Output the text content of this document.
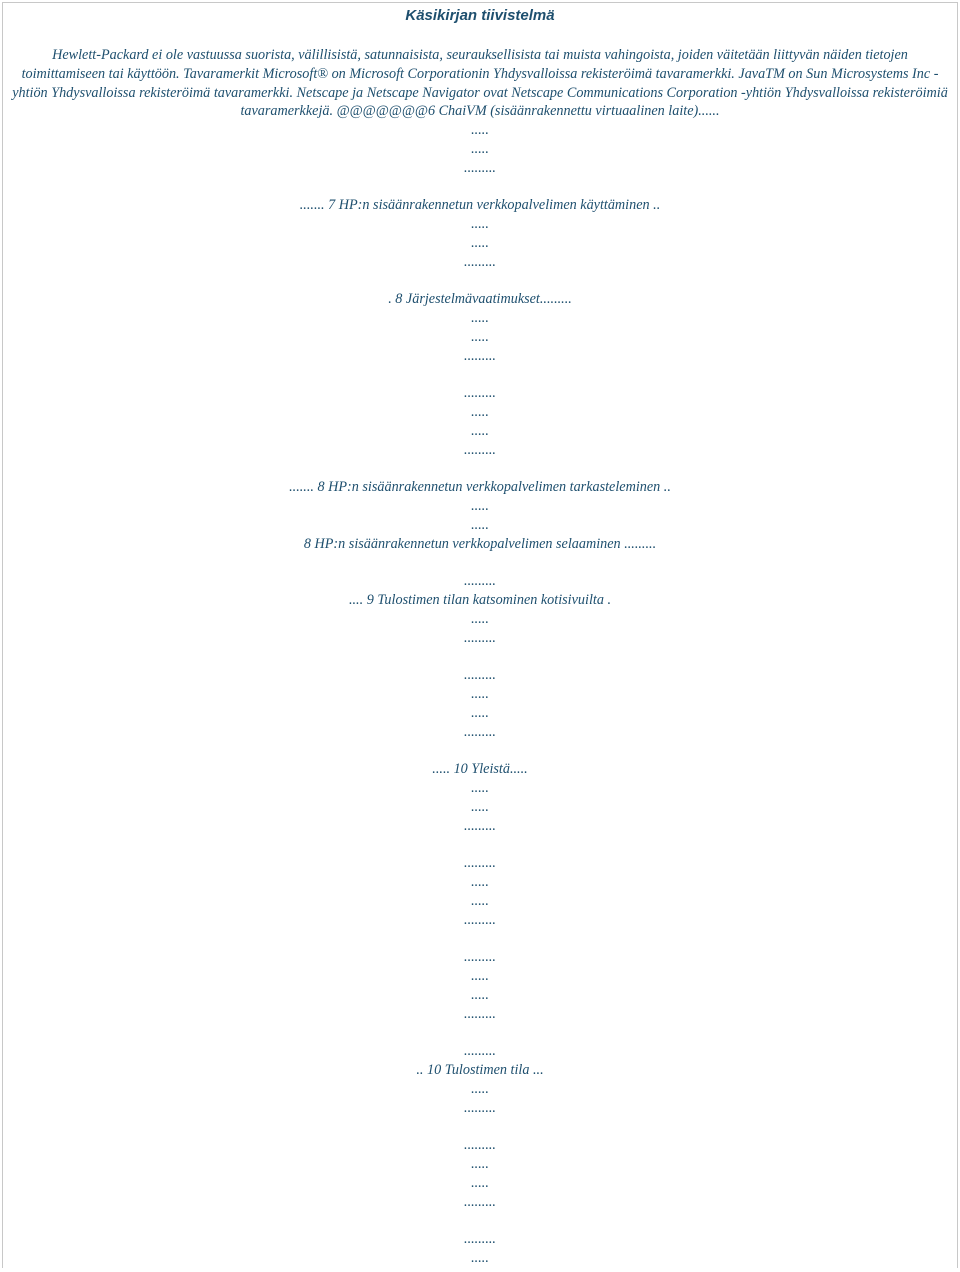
Käsikirjan tiivistelmä

Hewlett-Packard ei ole vastuussa suorista, välillisistä, satunnaisista, seurauksellisista tai muista vahingoista, joiden väitetään liittyvän näiden tietojen toimittamiseen tai käyttöön. Tavaramerkit Microsoft® on Microsoft Corporationin Yhdysvalloissa rekisteröimä tavaramerkki. JavaTM on Sun Microsystems Inc -yhtiön Yhdysvalloissa rekisteröimä tavaramerkki. Netscape ja Netscape Navigator ovat Netscape Communications Corporation -yhtiön Yhdysvalloissa rekisteröimiä tavaramerkkejä. @@@@@@@6 ChaiVM (sisäänrakennettu virtuaalinen laite)......

.....
.....
.........
....... 7 HP:n sisäänrakennetun verkkopalvelimen käyttäminen ..
.....
.....
.........
. 8 Järjestelmävaatimukset.........
.....
.....
.........
.........
.....
.....
.........
....... 8 HP:n sisäänrakennetun verkkopalvelimen tarkasteleminen ..
.....
.....
8 HP:n sisäänrakennetun verkkopalvelimen selaaminen .........
.........
.... 9 Tulostimen tilan katsominen kotisivuilta .
.....
.........
.........
.....
.....
.........
..... 10 Yleistä.....
.....
.....
.........
.........
.....
.....
.........
.........
.....
.....
.........
.........
.. 10 Tulostimen tila ...
.....
.........
.........
.....
.....
.........
.........
.....
